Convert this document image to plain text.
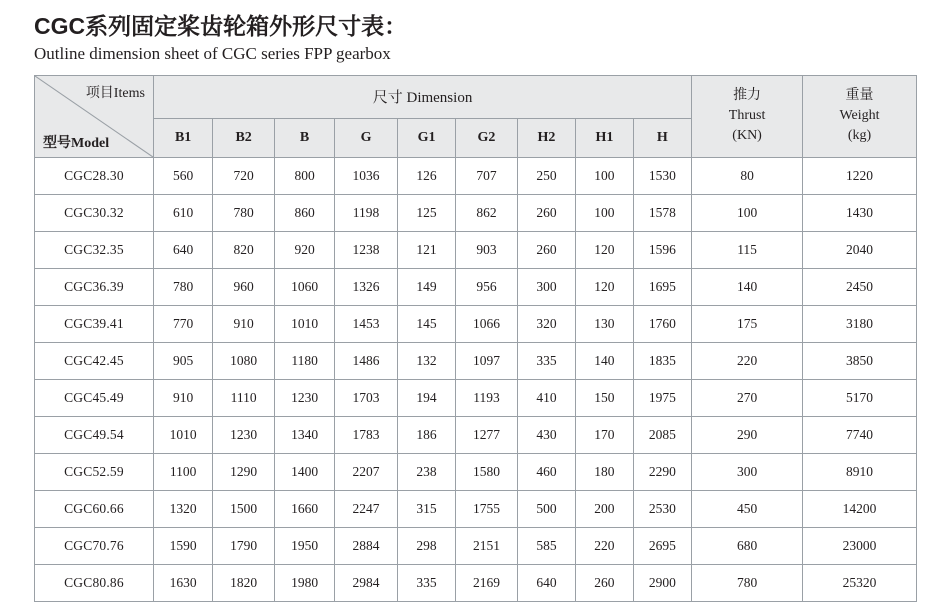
CGC系列固定桨齿轮箱外形尺寸表：
Outline dimension sheet of CGC series FPP gearbox
项目Items
型号Model
	尺寸 Dimension	推力
Thrust
(KN)

重量
Weight
(kg)

	B1	B2	B	G	G1	G2	H2	H1	H		
CGC28.30	560	720	800	1036	126	707	250	100	1530	80	1220
CGC30.32	610	780	860	1198	125	862	260	100	1578	100	1430
CGC32.35	640	820	920	1238	121	903	260	120	1596	115	2040
CGC36.39	780	960	1060	1326	149	956	300	120	1695	140	2450
CGC39.41	770	910	1010	1453	145	1066	320	130	1760	175	3180
CGC42.45	905	1080	1180	1486	132	1097	335	140	1835	220	3850
CGC45.49	910	1110	1230	1703	194	1193	410	150	1975	270	5170
CGC49.54	1010	1230	1340	1783	186	1277	430	170	2085	290	7740
CGC52.59	1100	1290	1400	2207	238	1580	460	180	2290	300	8910
CGC60.66	1320	1500	1660	2247	315	1755	500	200	2530	450	14200
CGC70.76	1590	1790	1950	2884	298	2151	585	220	2695	680	23000
CGC80.86	1630	1820	1980	2984	335	2169	640	260	2900	780	25320
